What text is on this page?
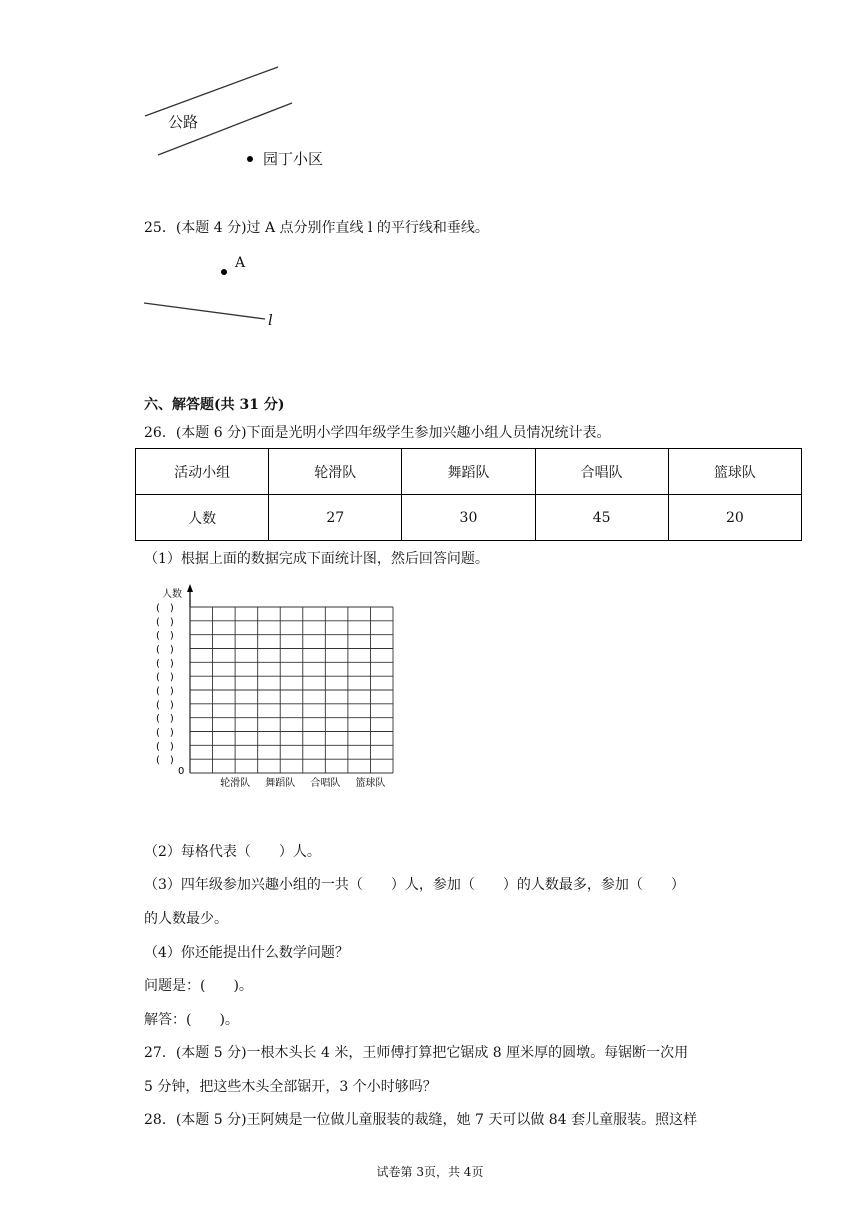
公路
园丁小区
25．(本题 4 分)过 A 点分别作直线 l 的平行线和垂线。
A
l
六、解答题(共 31 分)
26．(本题 6 分)下面是光明小学四年级学生参加兴趣小组人员情况统计表。
活动小组	轮滑队	舞蹈队	合唱队	篮球队
人数	27	30	45	20
（1）根据上面的数据完成下面统计图，然后回答问题。
人数
0
(　)
(　)
(　)
(　)
(　)
(　)
(　)
(　)
(　)
(　)
(　)
(　)
轮滑队 舞蹈队 合唱队 篮球队
（2）每格代表（　　）人。
（3）四年级参加兴趣小组的一共（　　）人，参加（　　）的人数最多，参加（　　）
的人数最少。
（4）你还能提出什么数学问题？
问题是：(　　)。
解答：(　　)。
27．(本题 5 分)一根木头长 4 米，王师傅打算把它锯成 8 厘米厚的圆墩。每锯断一次用
5 分钟，把这些木头全部锯开，3 个小时够吗？
28．(本题 5 分)王阿姨是一位做儿童服装的裁缝，她 7 天可以做 84 套儿童服装。照这样
试卷第 3页，共 4页
